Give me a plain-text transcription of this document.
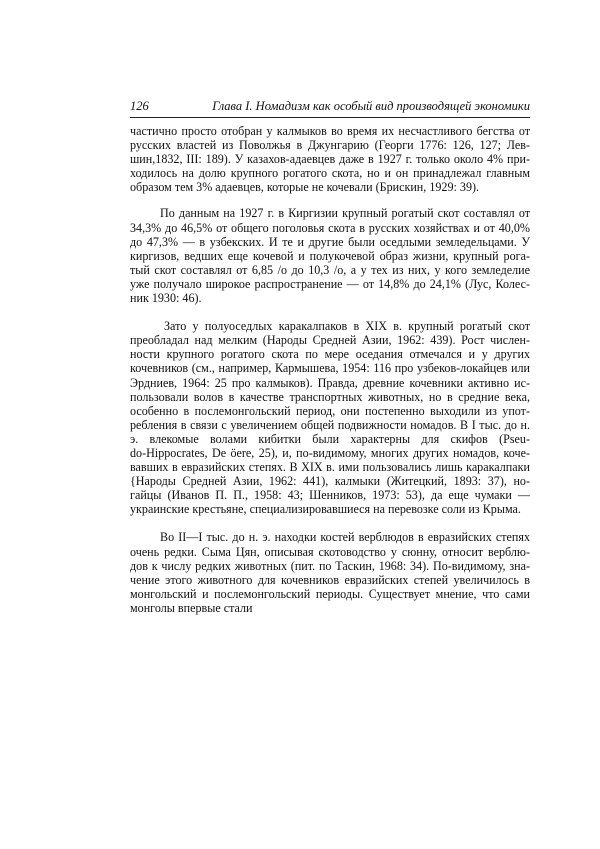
126	Глава I. Номадизм как особый вид производящей экономики

частично просто отобран у калмыков во время их несчастливого бегства от
русских властей из Поволжья в Джунгарию (Георги 1776: 126, 127; Лев-
шин,1832, III: 189). У казахов-адаевцев даже в 1927 г. только около 4% при-
ходилось на долю крупного рогатого скота, но и он принадлежал главным
образом тем 3% адаевцев, которые не кочевали (Брискин, 1929: 39).

По данным на 1927 г. в Киргизии крупный рогатый скот составлял от
34,3% до 46,5% от общего поголовья скота в русских хозяйствах и от 40,0%
до 47,3% — в узбекских. И те и другие были оседлыми земледельцами. У
киргизов, ведших еще кочевой и полукочевой образ жизни, крупный рога-
тый скот составлял от 6,85 /о до 10,3 /о, а у тех из них, у кого земледелие
уже получало широкое распространение — от 14,8% до 24,1% (Лус, Колес-
ник 1930: 46).

Зато у полуоседлых каракалпаков в XIX в. крупный рогатый скот
преобладал над мелким (Народы Средней Азии, 1962: 439). Рост числен-
ности крупного рогатого скота по мере оседания отмечался и у других
кочевников (см., например, Кармышева, 1954: 116 про узбеков-локайцев или
Эрдниев, 1964: 25 про калмыков). Правда, древние кочевники активно ис-
пользовали волов в качестве транспортных животных, но в средние века,
особенно в послемонгольский период, они постепенно выходили из упот-
ребления в связи с увеличением общей подвижности номадов. В I тыс. до н.
э. влекомые волами кибитки были характерны для скифов (Pseu-
do-Hippocrates, De öere, 25), и, по-видимому, многих других номадов, коче-
вавших в евразийских степях. В XIX в. ими пользовались лишь каракалпаки
{Народы Средней Азии, 1962: 441), калмыки (Житецкий, 1893: 37), но-
гайцы (Иванов П. П., 1958: 43; Шенников, 1973: 53), да еще чумаки —
украинские крестьяне, специализировавшиеся на перевозке соли из Крыма.

Во II—I тыс. до н. э. находки костей верблюдов в евразийских степях
очень редки. Сыма Цян, описывая скотоводство у сюнну, относит верблю-
дов к числу редких животных (пит. по Таскин, 1968: 34). По-видимому, зна-
чение этого животного для кочевников евразийских степей увеличилось в
монгольский и послемонгольский периоды. Существует мнение, что сами
монголы впервые стали
